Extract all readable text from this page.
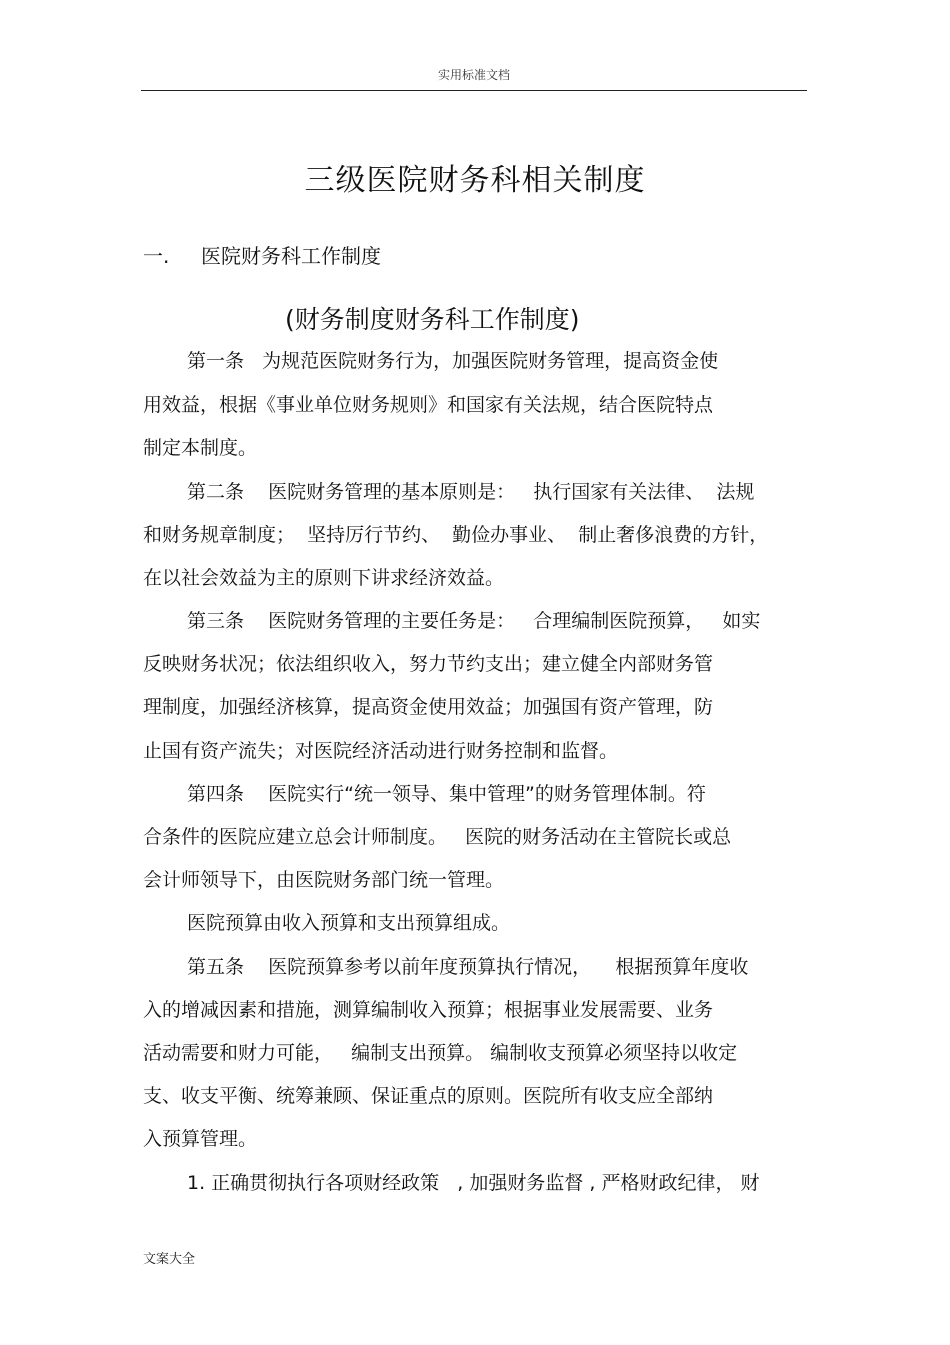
实用标准文档
三级医院财务科相关制度
一. 医院财务科工作制度
(财务制度财务科工作制度)
第一条   为规范医院财务行为，加强医院财务管理，提高资金使
用效益，根据《事业单位财务规则》和国家有关法规，结合医院特点
制定本制度。
第二条    医院财务管理的基本原则是：   执行国家有关法律、  法规
和财务规章制度；  坚持厉行节约、  勤俭办事业、  制止奢侈浪费的方针，
在以社会效益为主的原则下讲求经济效益。
第三条    医院财务管理的主要任务是：   合理编制医院预算，   如实
反映财务状况；依法组织收入，努力节约支出；建立健全内部财务管
理制度，加强经济核算，提高资金使用效益；加强国有资产管理，防
止国有资产流失；对医院经济活动进行财务控制和监督。
第四条    医院实行“统一领导、集中管理”的财务管理体制。符
合条件的医院应建立总会计师制度。   医院的财务活动在主管院长或总
会计师领导下，由医院财务部门统一管理。
医院预算由收入预算和支出预算组成。
第五条    医院预算参考以前年度预算执行情况，    根据预算年度收
入的增减因素和措施，测算编制收入预算；根据事业发展需要、业务
活动需要和财力可能，   编制支出预算。 编制收支预算必须坚持以收定
支、收支平衡、统筹兼顾、保证重点的原则。医院所有收支应全部纳
入预算管理。
1. 正确贯彻执行各项财经政策   , 加强财务监督 , 严格财政纪律， 财
文案大全
